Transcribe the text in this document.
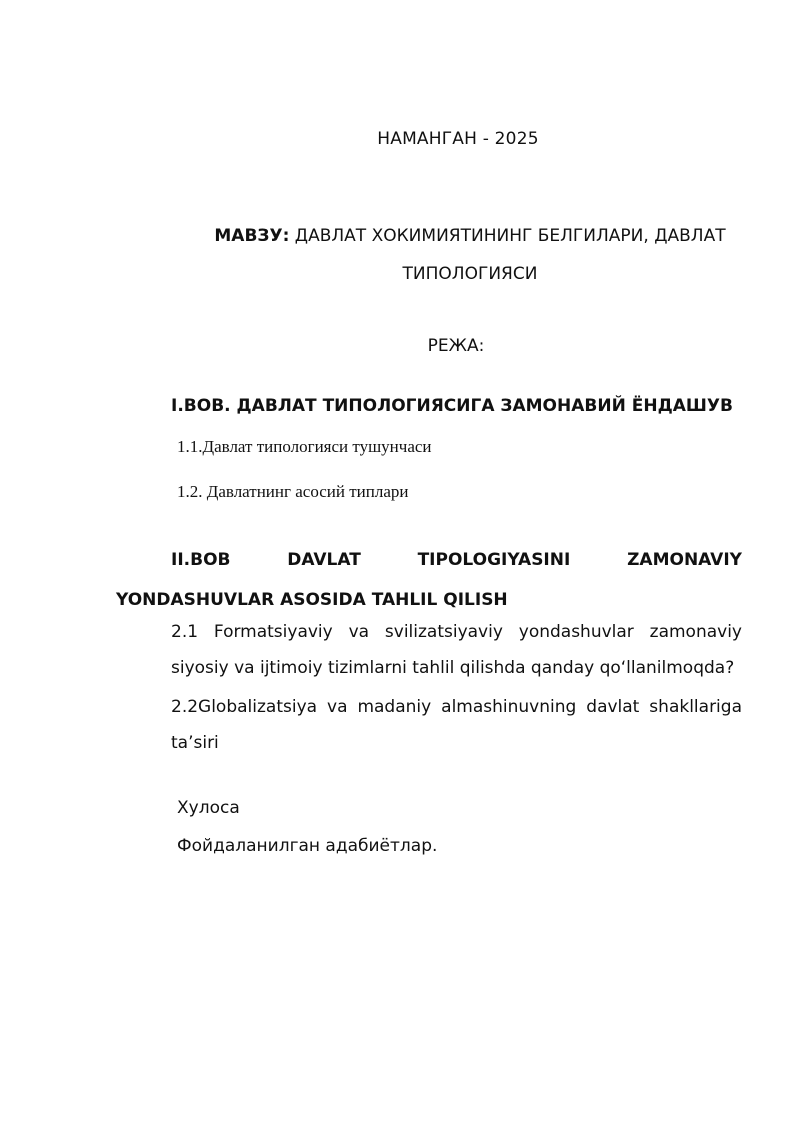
НАМАНГАН - 2025
МАВЗУ: ДАВЛАТ ХОКИМИЯТИНИНГ БЕЛГИЛАРИ, ДАВЛАТ ТИПОЛОГИЯСИ
РЕЖА:
I.BOB. ДАВЛАТ ТИПОЛОГИЯСИГА ЗАМОНАВИЙ ЁНДАШУВ
1.1.Давлат типологияси тушунчаси
1.2. Давлатнинг асосий типлари
II.BOB	DAVLAT	TIPOLOGIYASINI	ZAMONAVIY
YONDASHUVLAR ASOSIDA TAHLIL QILISH
2.1 Formatsiyaviy va svilizatsiyaviy yondashuvlar zamonaviy siyosiy va ijtimoiy tizimlarni tahlil qilishda qanday qo‘llanilmoqda?
2.2Globalizatsiya va madaniy almashinuvning davlat shakllariga ta’siri
Хулоса
Фойдаланилган адабиётлар.
